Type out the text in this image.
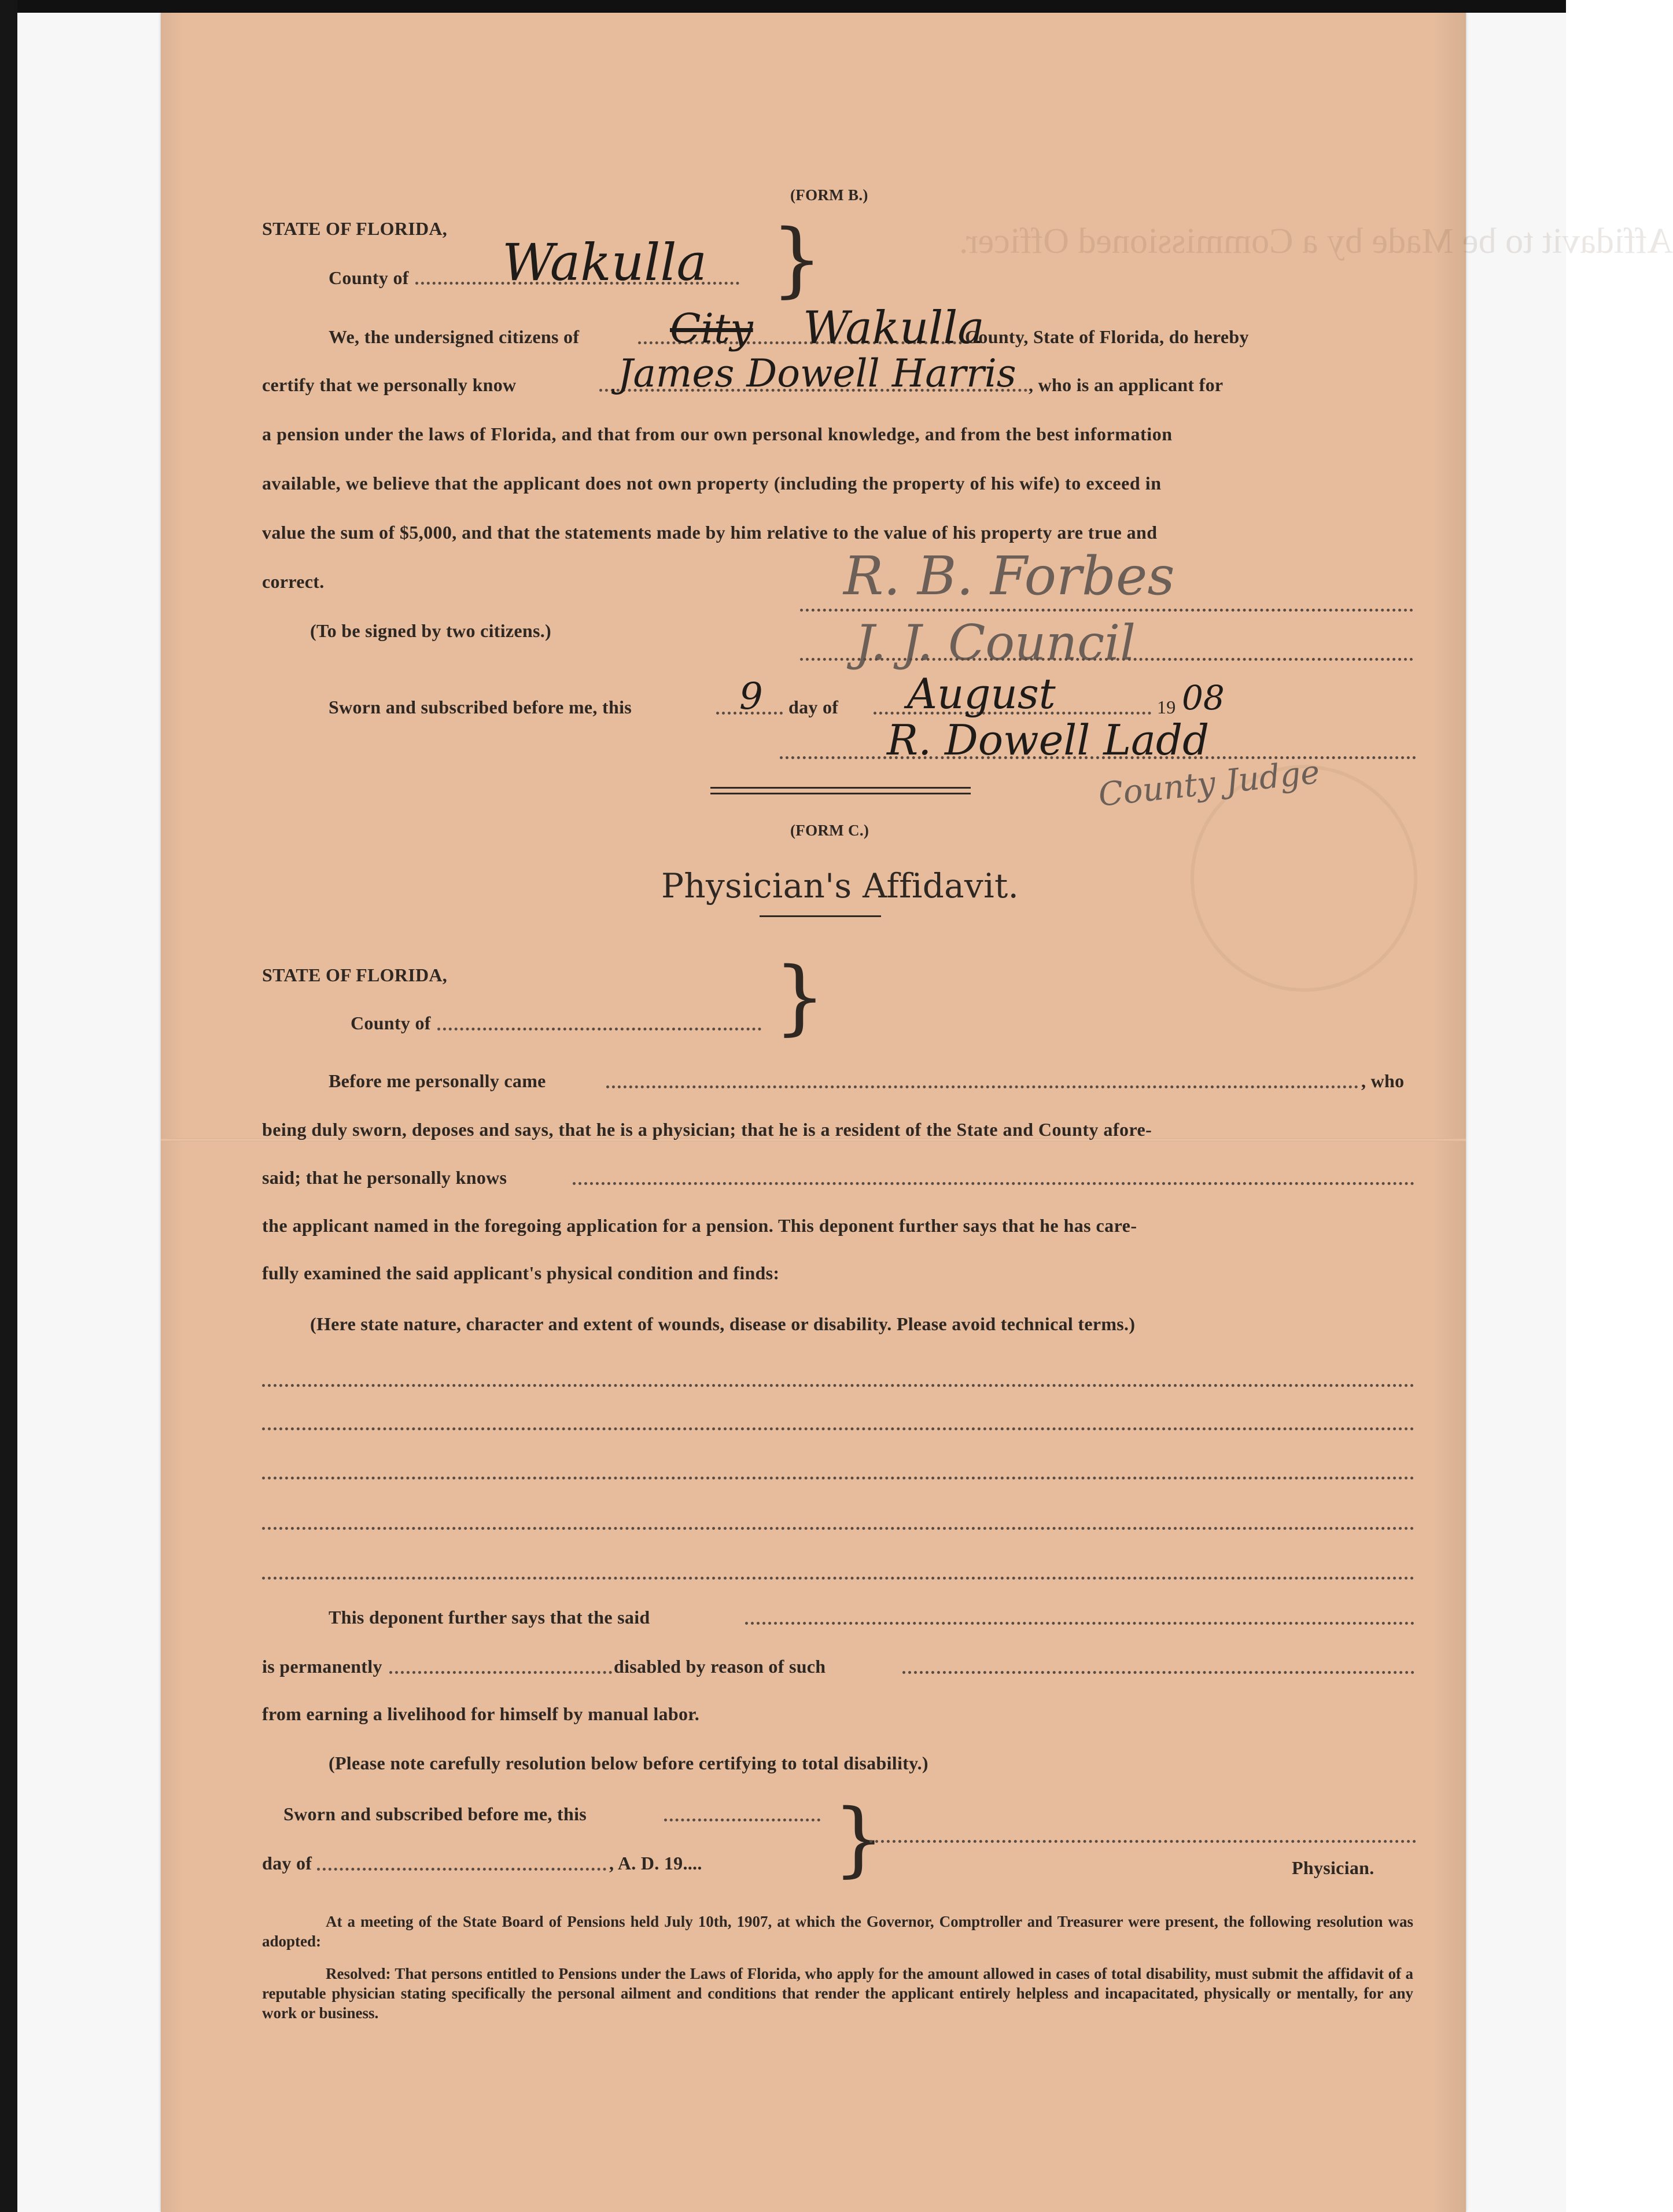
Affidavit to be Made by a Commissioned Officer.
(FORM B.)
STATE OF FLORIDA,
County of Wakulla }
We, the undersigned citizens of City Wakulla
County, State of Florida, do hereby
certify that we personally know	James Dowell Harris , who is an applicant for
a pension under the laws of Florida, and that from our own personal knowledge, and from the best information
available, we believe that the applicant does not own property (including the property of his wife) to exceed in
value the sum of $5,000, and that the statements made by him relative to the value of his property are true and
correct.	R. B. Forbes
(To be signed by two citizens.)	J. J. Council
Sworn and subscribed before me, this	9 day of August	19 08
R. Dowell Ladd
County Judge
(FORM C.)
Physician's Affidavit.
STATE OF FLORIDA,
County of	}
Before me personally came	, who
being duly sworn, deposes and says, that he is a physician; that he is a resident of the State and County afore-
said; that he personally knows
the applicant named in the foregoing application for a pension. This deponent further says that he has care-
fully examined the said applicant's physical condition and finds:
(Here state nature, character and extent of wounds, disease or disability. Please avoid technical terms.)
This deponent further says that the said
is permanently	disabled by reason of such
from earning a livelihood for himself by manual labor.
(Please note carefully resolution below before certifying to total disability.)
Sworn and subscribed before me, this
day of	, A. D. 19.... }	Physician.
At a meeting of the State Board of Pensions held July 10th, 1907, at which the Governor, Comptroller and Treasurer were present, the following resolution was adopted:
Resolved: That persons entitled to Pensions under the Laws of Florida, who apply for the amount allowed in cases of total disability, must submit the affidavit of a reputable physician stating specifically the personal ailment and conditions that render the applicant entirely helpless and incapacitated, physically or mentally, for any work or business.
